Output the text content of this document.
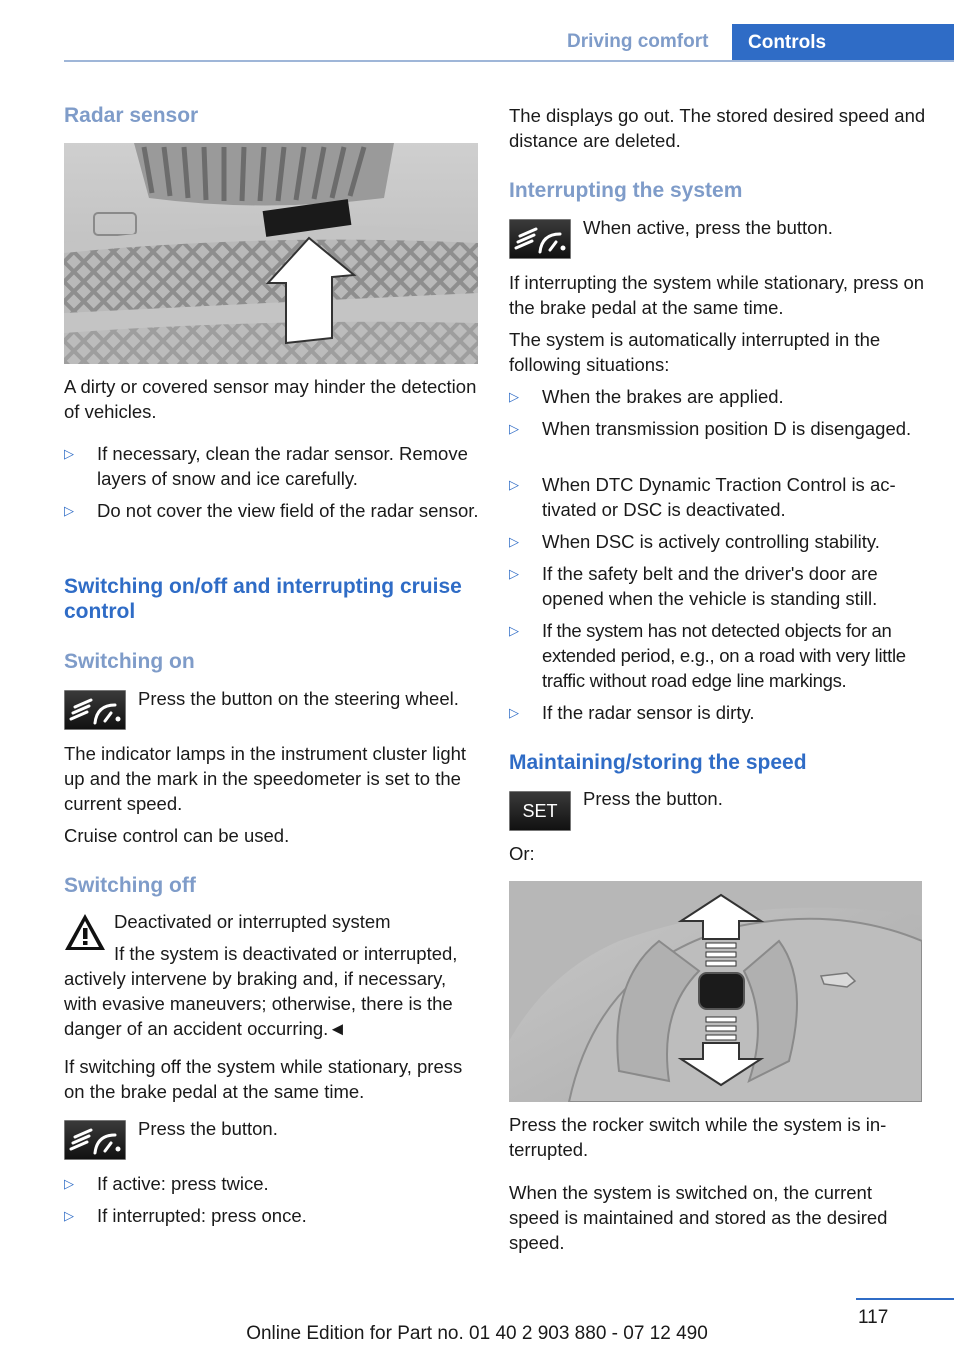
Driving comfort	Controls
Radar sensor

A dirty or covered sensor may hinder the detection of vehicles.

▷ If necessary, clean the radar sensor. Remove layers of snow and ice carefully.
▷ Do not cover the view field of the radar sensor.
Switching on/off and interrupting cruise control
Switching on
Press the button on the steering wheel.

The indicator lamps in the instrument cluster light up and the mark in the speedometer is set to the current speed.

Cruise control can be used.

Switching off
Deactivated or interrupted system
If the system is deactivated or interrupted, actively intervene by braking and, if necessary, with evasive maneuvers; otherwise, there is the danger of an accident occurring.◄

If switching off the system while stationary, press on the brake pedal at the same time.

Press the button.
▷ If active: press twice.
▷ If interrupted: press once.

The displays go out. The stored desired speed and distance are deleted.

Interrupting the system
When active, press the button.

If interrupting the system while stationary, press on the brake pedal at the same time.

The system is automatically interrupted in the following situations:

▷ When the brakes are applied.
▷ When transmission position D is disengaged.
▷ When DTC Dynamic Traction Control is activated or DSC is deactivated.
▷ When DSC is actively controlling stability.
▷ If the safety belt and the driver's door are opened when the vehicle is standing still.
▷ If the system has not detected objects for an extended period, e.g., on a road with very little traffic without road edge line markings.
▷ If the radar sensor is dirty.
Maintaining/storing the speed
SET
Press the button.

Or:

Press the rocker switch while the system is interrupted.

When the system is switched on, the current speed is maintained and stored as the desired speed.

117
Online Edition for Part no. 01 40 2 903 880 - 07 12 490
